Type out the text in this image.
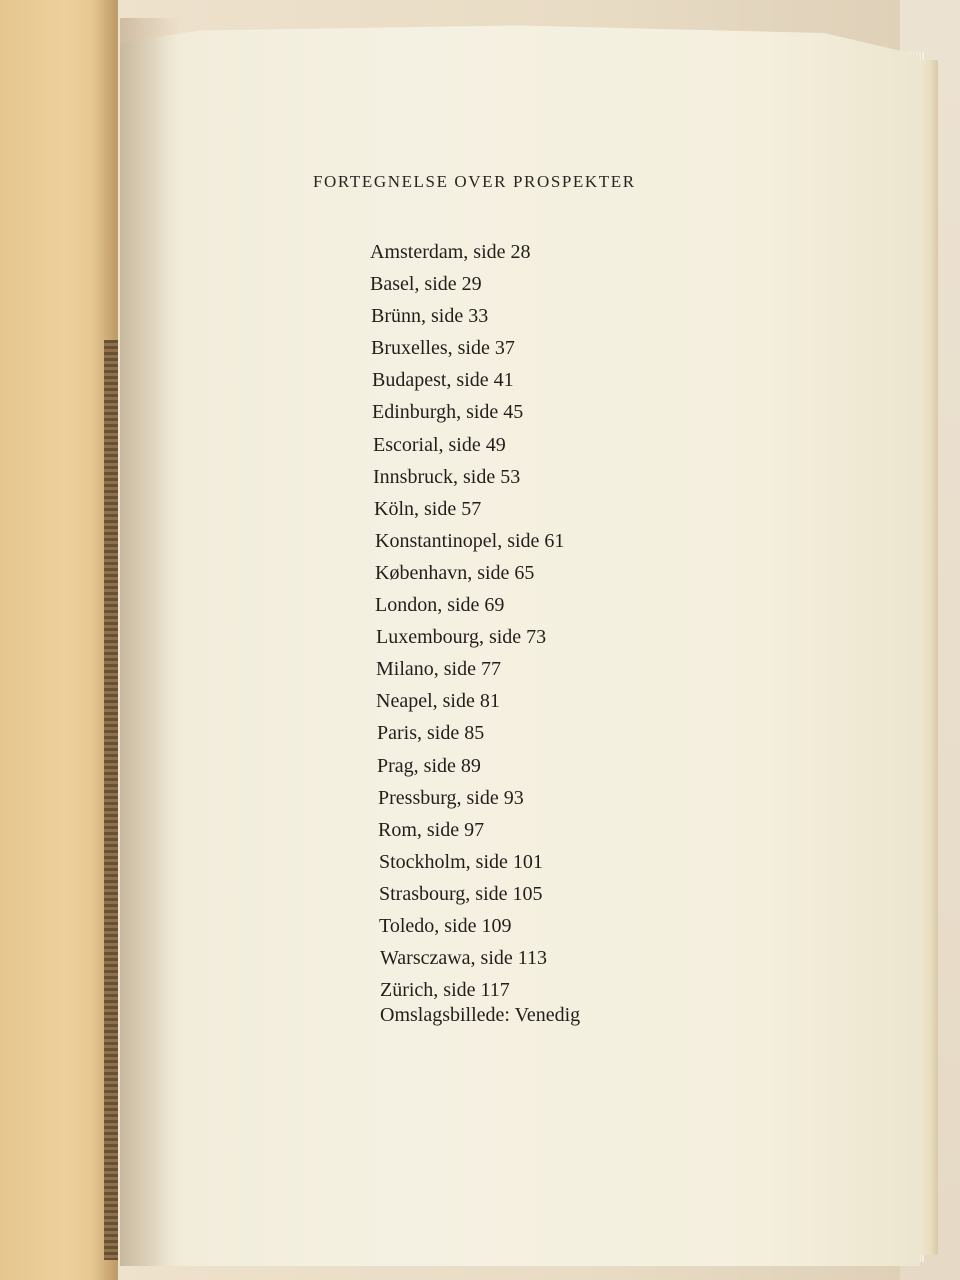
FORTEGNELSE OVER PROSPEKTER
Amsterdam, side 28
Basel, side 29
Brünn, side 33
Bruxelles, side 37
Budapest, side 41
Edinburgh, side 45
Escorial, side 49
Innsbruck, side 53
Köln, side 57
Konstantinopel, side 61
København, side 65
London, side 69
Luxembourg, side 73
Milano, side 77
Neapel, side 81
Paris, side 85
Prag, side 89
Pressburg, side 93
Rom, side 97
Stockholm, side 101
Strasbourg, side 105
Toledo, side 109
Warsczawa, side 113
Zürich, side 117
Omslagsbillede: Venedig
